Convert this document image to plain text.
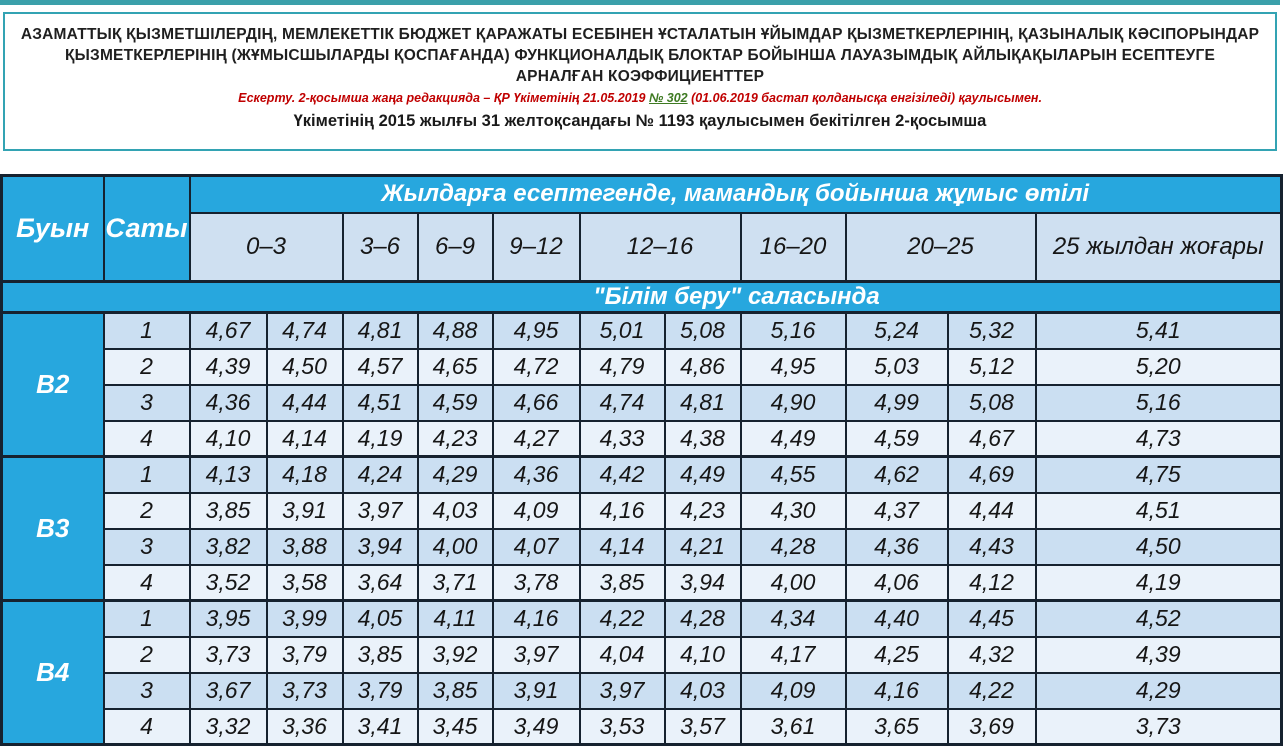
АЗАМАТТЫҚ ҚЫЗМЕТШІЛЕРДІҢ, МЕМЛЕКЕТТІК БЮДЖЕТ ҚАРАЖАТЫ ЕСЕБІНЕН ҰСТАЛАТЫН ҰЙЫМДАР ҚЫЗМЕТКЕРЛЕРІНІҢ, ҚАЗЫНАЛЫҚ КӘСІПОРЫНДАР ҚЫЗМЕТКЕРЛЕРІНІҢ (ЖҰМЫСШЫЛАРДЫ ҚОСПАҒАНДА) ФУНКЦИОНАЛДЫҚ БЛОКТАР БОЙЫНША ЛАУАЗЫМДЫҚ АЙЛЫҚАҚЫЛАРЫН ЕСЕПТЕУГЕ АРНАЛҒАН КОЭФФИЦИЕНТТЕР
Ескерту. 2-қосымша жаңа редакцияда – ҚР Үкіметінің 21.05.2019 № 302 (01.06.2019 бастап қолданысқа енгізіледі) қаулысымен.
Үкіметінің 2015 жылғы 31 желтоқсандағы № 1193 қаулысымен бекітілген 2-қосымша
Буын	Саты	Жылдарға есептегенде, мамандық бойынша жұмыс өтілі										
		0–3		3–6	6–9	9–12	12–16		16–20	20–25		25 жылдан жоғары
"Білім беру" саласында												
В2	1	4,67	4,74	4,81	4,88	4,95	5,01	5,08	5,16	5,24	5,32	5,41
	2	4,39	4,50	4,57	4,65	4,72	4,79	4,86	4,95	5,03	5,12	5,20
	3	4,36	4,44	4,51	4,59	4,66	4,74	4,81	4,90	4,99	5,08	5,16
	4	4,10	4,14	4,19	4,23	4,27	4,33	4,38	4,49	4,59	4,67	4,73
В3	1	4,13	4,18	4,24	4,29	4,36	4,42	4,49	4,55	4,62	4,69	4,75
	2	3,85	3,91	3,97	4,03	4,09	4,16	4,23	4,30	4,37	4,44	4,51
	3	3,82	3,88	3,94	4,00	4,07	4,14	4,21	4,28	4,36	4,43	4,50
	4	3,52	3,58	3,64	3,71	3,78	3,85	3,94	4,00	4,06	4,12	4,19
В4	1	3,95	3,99	4,05	4,11	4,16	4,22	4,28	4,34	4,40	4,45	4,52
	2	3,73	3,79	3,85	3,92	3,97	4,04	4,10	4,17	4,25	4,32	4,39
	3	3,67	3,73	3,79	3,85	3,91	3,97	4,03	4,09	4,16	4,22	4,29
	4	3,32	3,36	3,41	3,45	3,49	3,53	3,57	3,61	3,65	3,69	3,73
